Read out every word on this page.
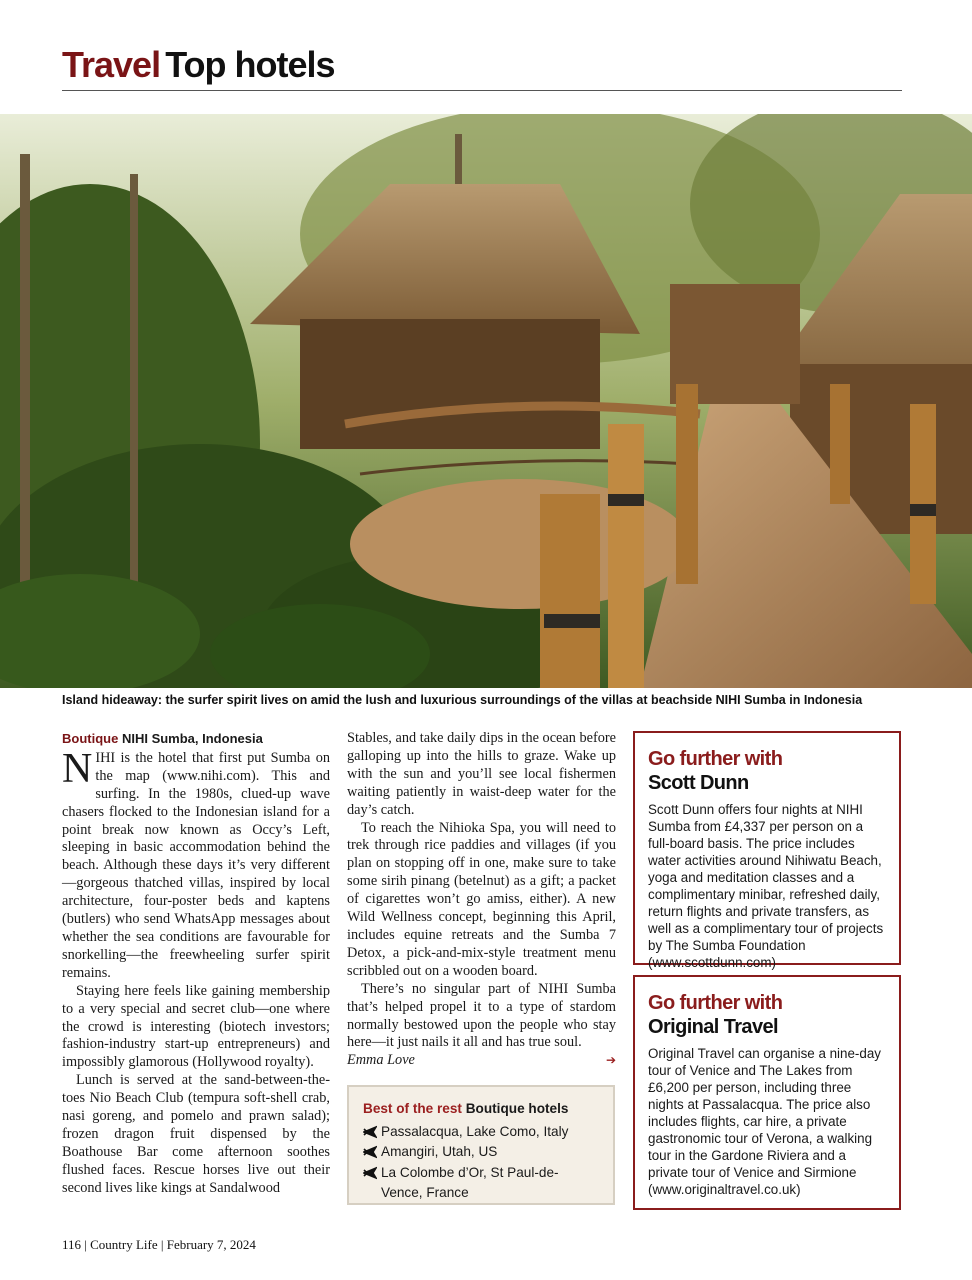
Travel Top hotels
Island hideaway: the surfer spirit lives on amid the lush and luxurious surroundings of the villas at beachside NIHI Sumba in Indonesia
Boutique NIHI Sumba, Indonesia

NIHI is the hotel that first put Sumba on the map (www.nihi.com). This and surfing. In the 1980s, clued-up wave chasers flocked to the Indonesian island for a point break now known as Occy’s Left, sleeping in basic accommodation behind the beach. Although these days it’s very different—gorgeous thatched villas, inspired by local architecture, four-poster beds and kaptens (butlers) who send WhatsApp messages about whether the sea conditions are favourable for snorkelling—the freewheeling surfer spirit remains.

Staying here feels like gaining membership to a very special and secret club—one where the crowd is interesting (biotech investors; fashion-industry start-up entrepreneurs) and impossibly glamorous (Hollywood royalty).

Lunch is served at the sand-between-the-toes Nio Beach Club (tempura soft-shell crab, nasi goreng, and pomelo and prawn salad); frozen dragon fruit dispensed by the Boathouse Bar come afternoon soothes flushed faces. Rescue horses live out their second lives like kings at Sandalwood

Stables, and take daily dips in the ocean before galloping up into the hills to graze. Wake up with the sun and you’ll see local fishermen waiting patiently in waist-deep water for the day’s catch.

To reach the Nihioka Spa, you will need to trek through rice paddies and villages (if you plan on stopping off in one, make sure to take some sirih pinang (betelnut) as a gift; a packet of cigarettes won’t go amiss, either). A new Wild Wellness concept, beginning this April, includes equine retreats and the Sumba 7 Detox, a pick-and-mix-style treatment menu scribbled out on a wooden board.

There’s no singular part of NIHI Sumba that’s helped propel it to a type of stardom normally bestowed upon the people who stay here—it just nails it all and has true soul.
Emma Love	➔

Best of the rest Boutique hotels
Passalacqua, Lake Como, Italy
Amangiri, Utah, US
La Colombe d’Or, St Paul-de-Vence, France
Go further with
Scott Dunn
Scott Dunn offers four nights at NIHI Sumba from £4,337 per person on a full-board basis. The price includes water activities around Nihiwatu Beach, yoga and meditation classes and a complimentary minibar, refreshed daily, return flights and private transfers, as well as a complimentary tour of projects by The Sumba Foundation (www.scottdunn.com)
Go further with
Original Travel
Original Travel can organise a nine-day tour of Venice and The Lakes from £6,200 per person, including three nights at Passalacqua. The price also includes flights, car hire, a private gastronomic tour of Verona, a walking tour in the Gardone Riviera and a private tour of Venice and Sirmione (www.originaltravel.co.uk)
116 | Country Life | February 7, 2024
